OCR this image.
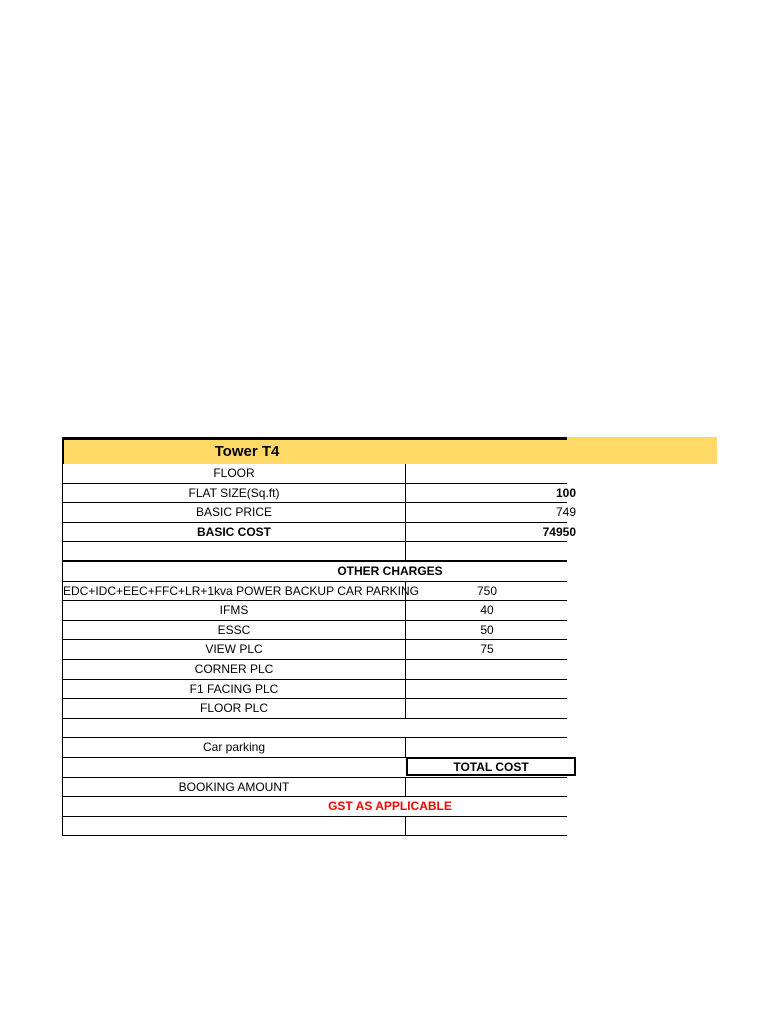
Tower T4
FLOOR
FLAT SIZE(Sq.ft)	100
BASIC PRICE	749
BASIC COST	74950
OTHER CHARGES
EDC+IDC+EEC+FFC+LR+1kva POWER BACKUP CAR PARKING	750
IFMS	40
ESSC	50
VIEW PLC	75
CORNER PLC
F1 FACING PLC
FLOOR PLC
Car parking
TOTAL COST
BOOKING AMOUNT
GST AS APPLICABLE
